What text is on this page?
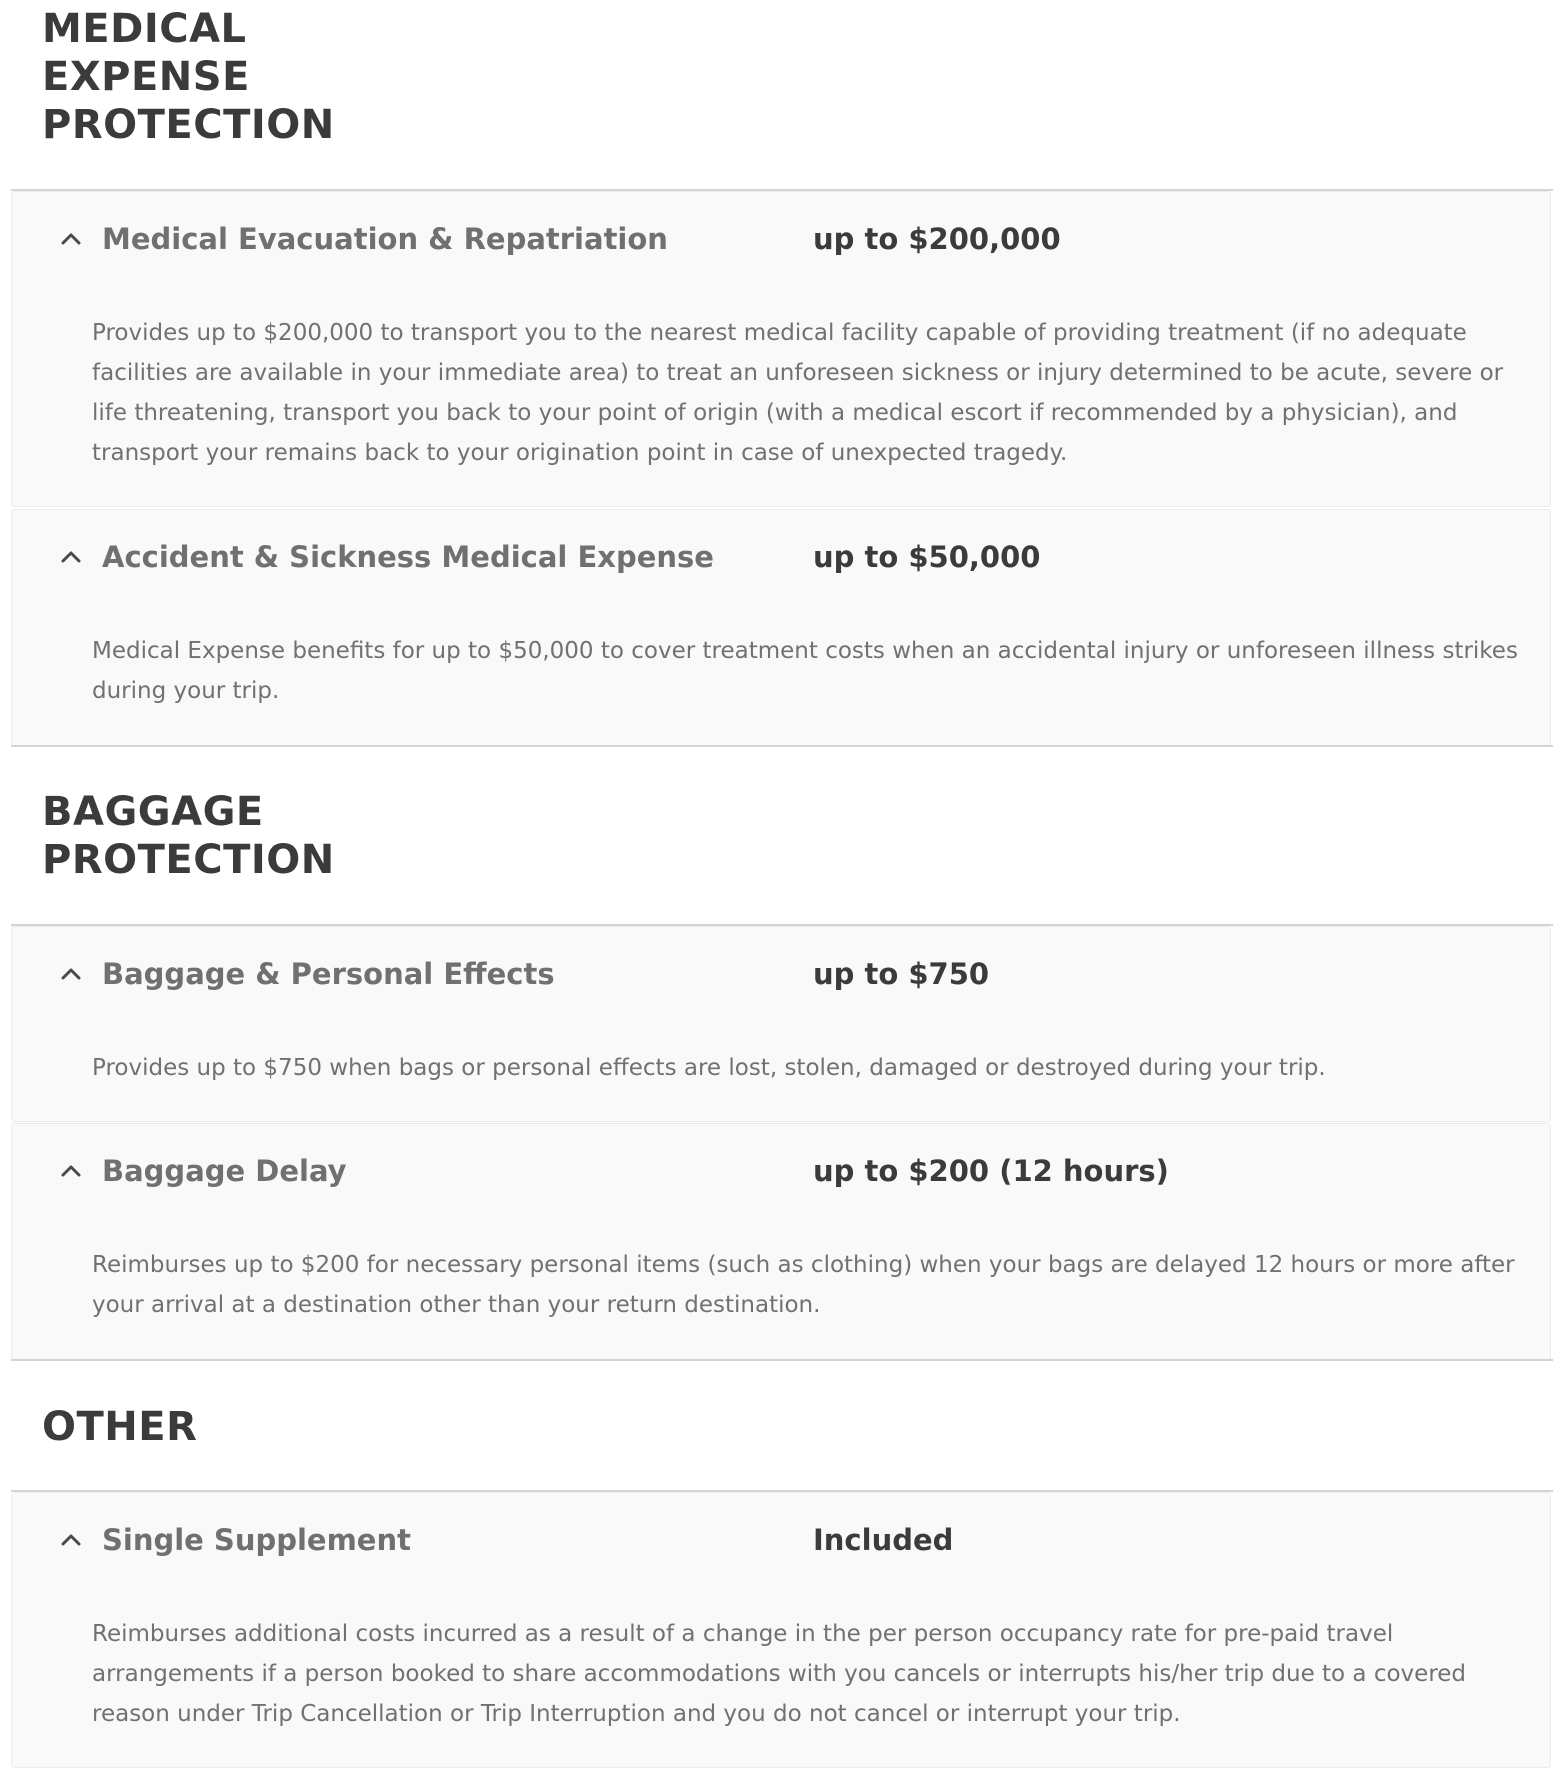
MEDICAL
EXPENSE
PROTECTION
Medical Evacuation & Repatriation	up to $200,000

Provides up to $200,000 to transport you to the nearest medical facility capable of providing treatment (if no adequate facilities are available in your immediate area) to treat an unforeseen sickness or injury determined to be acute, severe or life threatening, transport you back to your point of origin (with a medical escort if recommended by a physician), and transport your remains back to your origination point in case of unexpected tragedy.

Accident & Sickness Medical Expense	up to $50,000

Medical Expense benefits for up to $50,000 to cover treatment costs when an accidental injury or unforeseen illness strikes during your trip.

BAGGAGE
PROTECTION
Baggage & Personal Effects	up to $750

Provides up to $750 when bags or personal effects are lost, stolen, damaged or destroyed during your trip.

Baggage Delay	up to $200 (12 hours)

Reimburses up to $200 for necessary personal items (such as clothing) when your bags are delayed 12 hours or more after your arrival at a destination other than your return destination.

OTHER
Single Supplement	Included

Reimburses additional costs incurred as a result of a change in the per person occupancy rate for pre-paid travel arrangements if a person booked to share accommodations with you cancels or interrupts his/her trip due to a covered reason under Trip Cancellation or Trip Interruption and you do not cancel or interrupt your trip.
